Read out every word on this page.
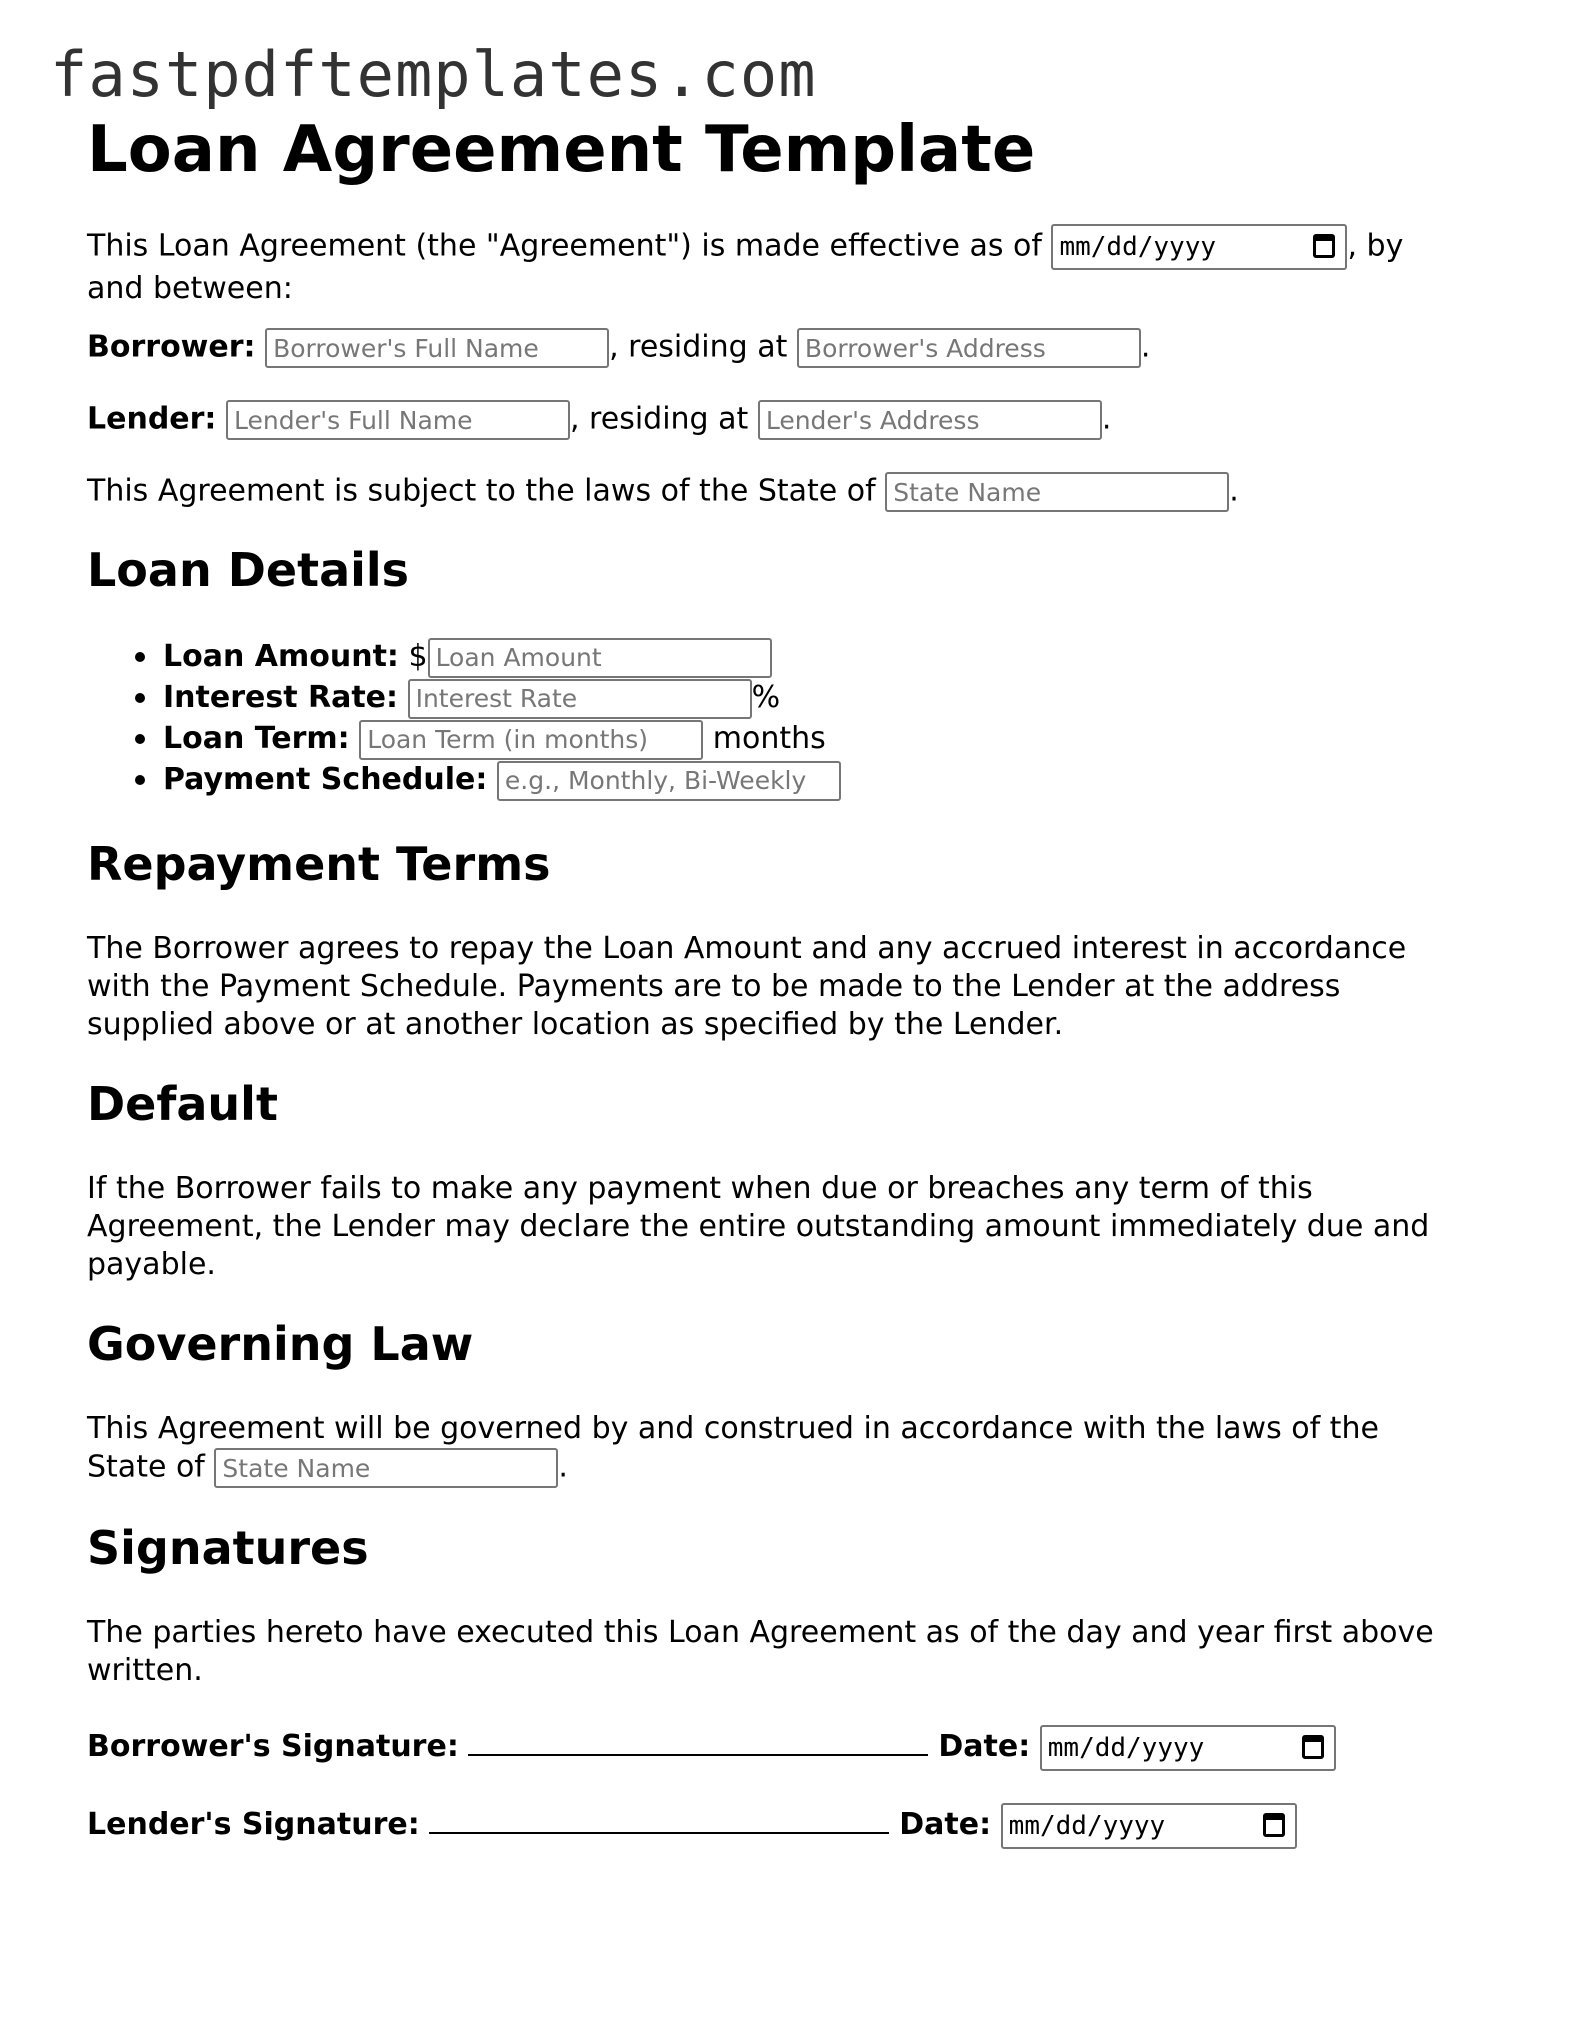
fastpdftemplates.com
Loan Agreement Template

This Loan Agreement (the "Agreement") is made effective as of mm/dd/yyyy	, by
and between:

Borrower: Borrower's Full Name	, residing at Borrower's Address	.
Lender: Lender's Full Name	, residing at Lender's Address	.
This Agreement is subject to the laws of the State of State Name	.
Loan Details
Loan Amount: $Loan Amount
Interest Rate: Interest Rate	%
Loan Term: Loan Term (in months)	months
Payment Schedule: e.g., Monthly, Bi-Weekly
Repayment Terms

The Borrower agrees to repay the Loan Amount and any accrued interest in accordance
with the Payment Schedule. Payments are to be made to the Lender at the address
supplied above or at another location as specified by the Lender.

Default

If the Borrower fails to make any payment when due or breaches any term of this
Agreement, the Lender may declare the entire outstanding amount immediately due and
payable.

Governing Law

This Agreement will be governed by and construed in accordance with the laws of the
State of State Name	.

Signatures

The parties hereto have executed this Loan Agreement as of the day and year first above
written.

Borrower's Signature:	Date: mm/dd/yyyy
Lender's Signature:	Date: mm/dd/yyyy
